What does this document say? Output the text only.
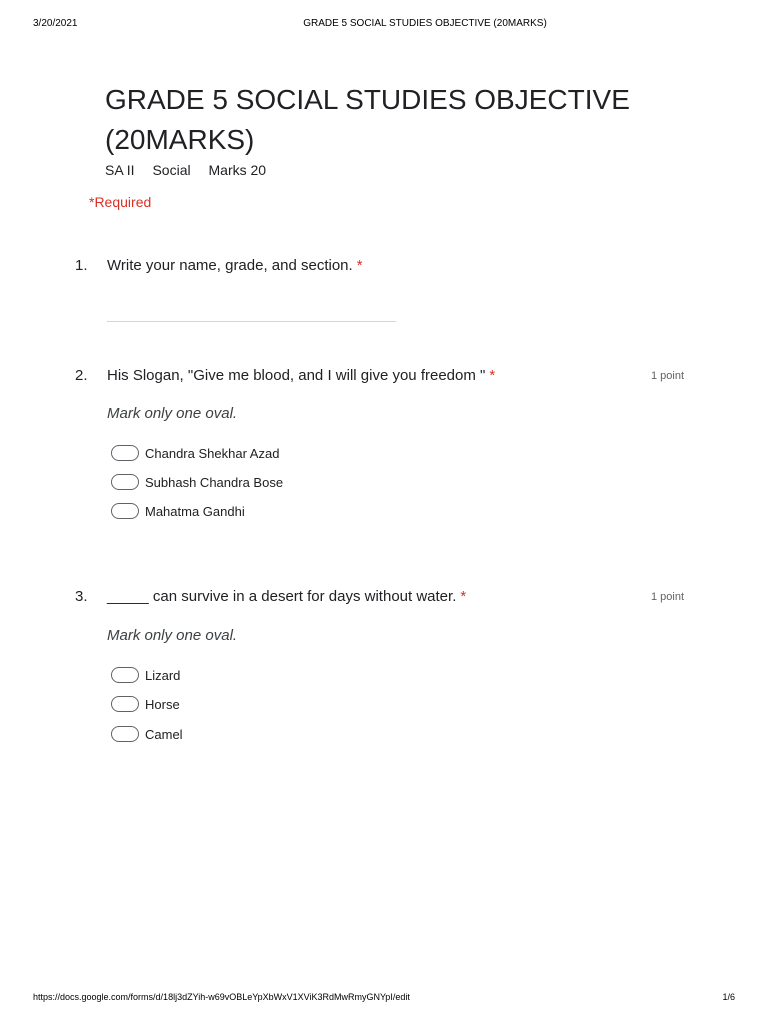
3/20/2021	GRADE 5 SOCIAL STUDIES OBJECTIVE (20MARKS)
GRADE 5 SOCIAL STUDIES OBJECTIVE (20MARKS)
SA II Social Marks 20
*Required
1. Write your name, grade, and section. *
2. His Slogan, "Give me blood, and I will give you freedom " *	1 point
Mark only one oval.
Chandra Shekhar Azad
Subhash Chandra Bose
Mahatma Gandhi
3. _____ can survive in a desert for days without water. *	1 point
Mark only one oval.
Lizard
Horse
Camel
https://docs.google.com/forms/d/18lj3dZYih-w69vOBLeYpXbWxV1XViK3RdMwRmyGNYpI/edit	1/6
